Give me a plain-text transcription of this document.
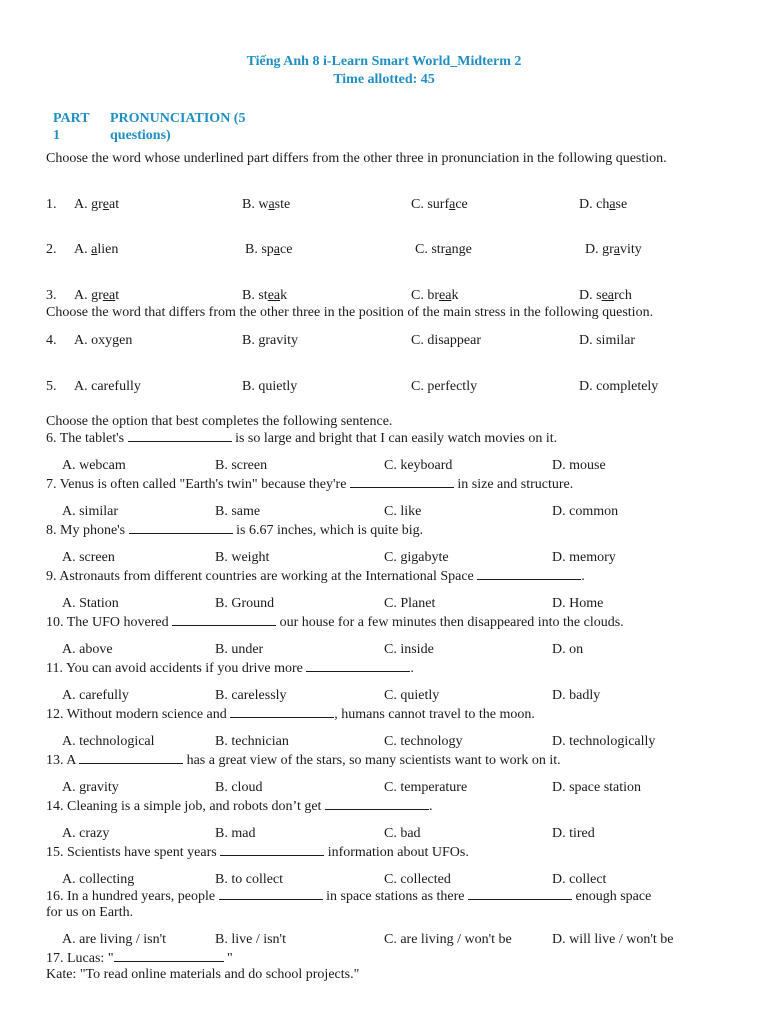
Tiếng Anh 8 i-Learn Smart World_Midterm 2
Time allotted: 45
PART
1
PRONUNCIATION (5
questions)
Choose the word whose underlined part differs from the other three in pronunciation in the following question.
1. A. great	B. waste	C. surface	D. chase
2. A. alien	B. space	C. strange	D. gravity
3. A. great	B. steak	C. break	D. search
Choose the word that differs from the other three in the position of the main stress in the following question.
4. A. oxygen	B. gravity	C. disappear	D. similar
5. A. carefully	B. quietly	C. perfectly	D. completely
Choose the option that best completes the following sentence.
6. The tablet's	is so large and bright that I can easily watch movies on it.
A. webcam	B. screen	C. keyboard	D. mouse
7. Venus is often called "Earth's twin" because they're	in size and structure.
A. similar	B. same	C. like	D. common
8. My phone's	is 6.67 inches, which is quite big.
A. screen	B. weight	C. gigabyte	D. memory
9. Astronauts from different countries are working at the International Space	.
A. Station	B. Ground	C. Planet	D. Home
10. The UFO hovered	our house for a few minutes then disappeared into the clouds.
A. above	B. under	C. inside	D. on
11. You can avoid accidents if you drive more	.
A. carefully	B. carelessly	C. quietly	D. badly
12. Without modern science and	, humans cannot travel to the moon.
A. technological	B. technician	C. technology	D. technologically
13. A	has a great view of the stars, so many scientists want to work on it.
A. gravity	B. cloud	C. temperature	D. space station
14. Cleaning is a simple job, and robots don’t get	.
A. crazy	B. mad	C. bad	D. tired
15. Scientists have spent years	information about UFOs.
A. collecting	B. to collect	C. collected	D. collect
16. In a hundred years, people	in space stations as there	enough space
for us on Earth.
A. are living / isn't	B. live / isn't	C. are living / won't be	D. will live / won't be
17. Lucas: "	"
Kate: "To read online materials and do school projects."
